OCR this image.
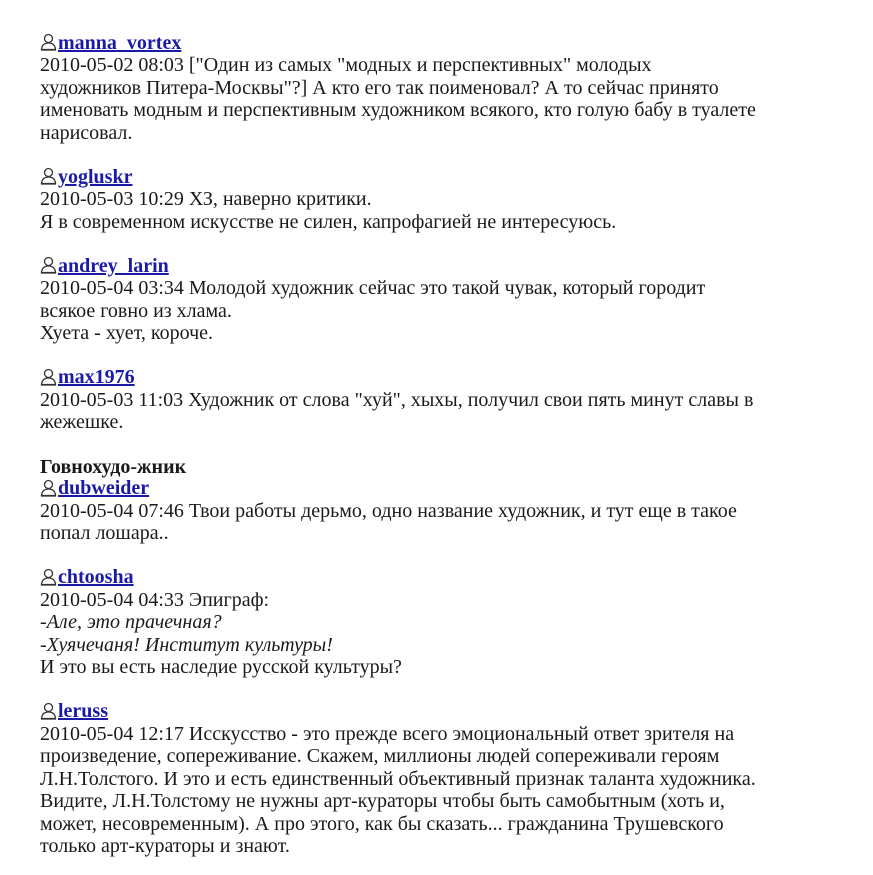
manna_vortex

2010-05-02 08:03 ["Один из самых "модных и перспективных" молодых
художников Питера-Москвы"?] А кто его так поименовал? А то сейчас принято
именовать модным и перспективным художником всякого, кто голую бабу в туалете
нарисовал.

yogluskr

2010-05-03 10:29 ХЗ, наверно критики.
Я в современном искусстве не силен, капрофагией не интересуюсь.

andrey_larin

2010-05-04 03:34 Молодой художник сейчас это такой чувак, который городит
всякое говно из хлама.
Хуета - хует, короче.

max1976

2010-05-03 11:03 Художник от слова "хуй", хыхы, получил свои пять минут славы в
жежешке.

Говнохудо-жник
dubweider

2010-05-04 07:46 Твои работы дерьмо, одно название художник, и тут еще в такое
попал лошара..

chtoosha

2010-05-04 04:33 Эпиграф:
-Але, это прачечная?
-Хуячечаня! Институт культуры!
И это вы есть наследие русской культуры?

leruss

2010-05-04 12:17 Исскусство - это прежде всего эмоциональный ответ зрителя на
произведение, сопереживание. Скажем, миллионы людей сопереживали героям
Л.Н.Толстого. И это и есть единственный объективный признак таланта художника.
Видите, Л.Н.Толстому не нужны арт-кураторы чтобы быть самобытным (хоть и,
может, несовременным). А про этого, как бы сказать... гражданина Трушевского
только арт-кураторы и знают.
